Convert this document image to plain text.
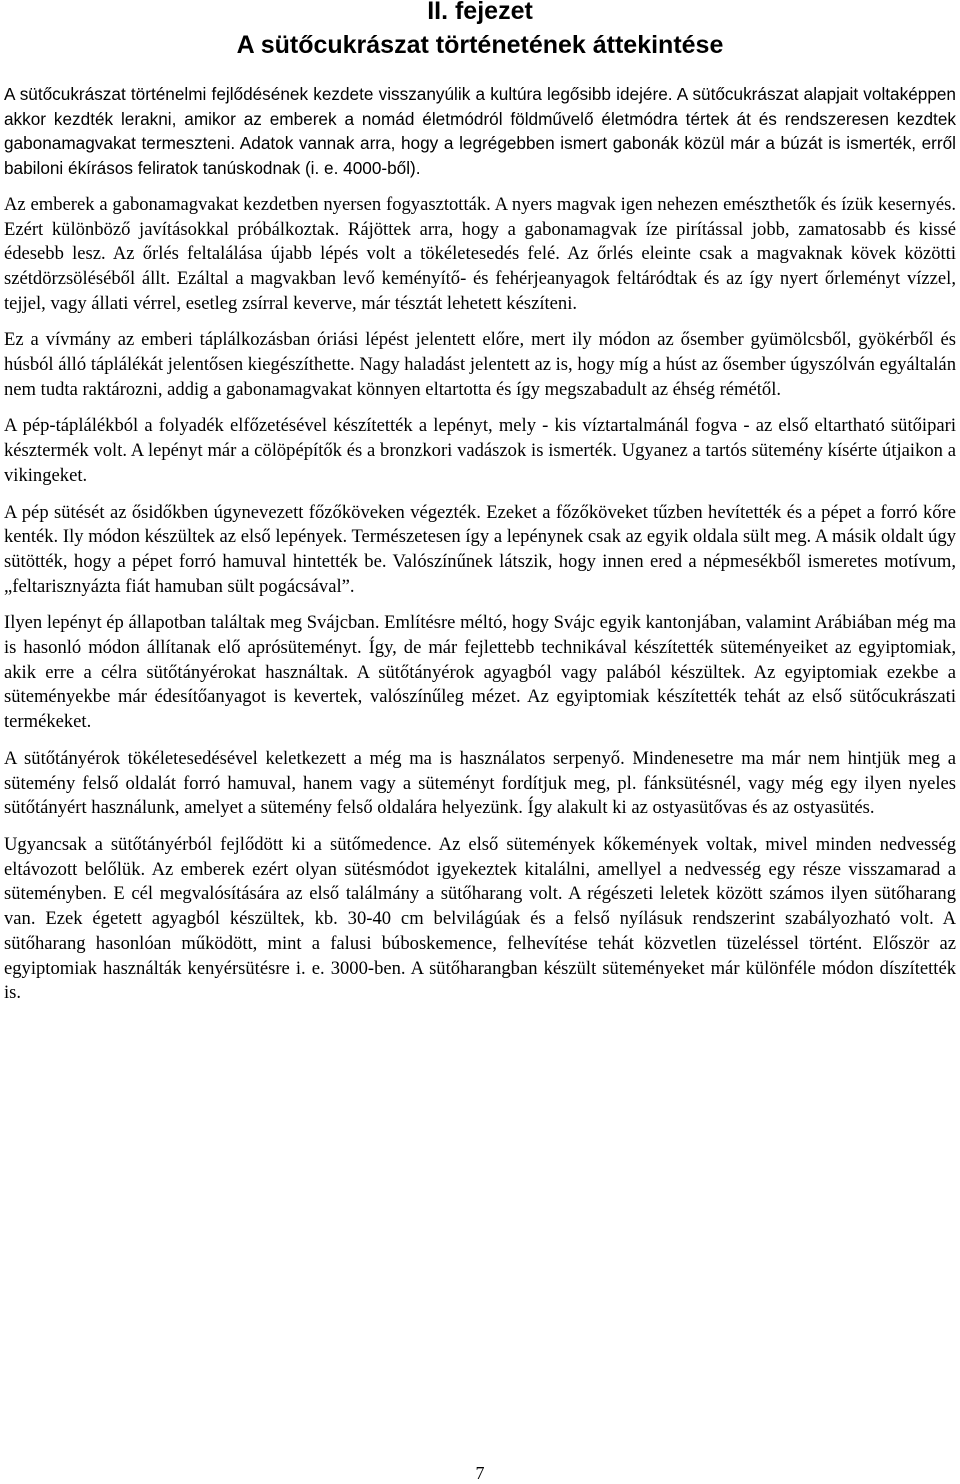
II. fejezet
A sütőcukrászat történetének áttekintése

A sütőcukrászat történelmi fejlődésének kezdete visszanyúlik a kultúra legősibb idejére. A sütőcukrászat alapjait voltaképpen akkor kezdték lerakni, amikor az emberek a nomád életmódról földművelő életmódra tértek át és rendszeresen kezdtek gabonamagvakat termeszteni. Adatok vannak arra, hogy a legrégebben ismert gabonák közül már a búzát is ismerték, erről babiloni ékírásos feliratok tanúskodnak (i. e. 4000-ből).

Az emberek a gabonamagvakat kezdetben nyersen fogyasztották. A nyers magvak igen nehezen emészthetők és ízük kesernyés. Ezért különböző javításokkal próbálkoztak. Rájöttek arra, hogy a gabonamagvak íze pirítással jobb, zamatosabb és kissé édesebb lesz. Az őrlés feltalálása újabb lépés volt a tökéletesedés felé. Az őrlés eleinte csak a magvaknak kövek közötti szétdörzsöléséből állt. Ezáltal a magvakban levő keményítő- és fehérjeanyagok feltáródtak és az így nyert őrleményt vízzel, tejjel, vagy állati vérrel, esetleg zsírral keverve, már tésztát lehetett készíteni.

Ez a vívmány az emberi táplálkozásban óriási lépést jelentett előre, mert ily módon az ősember gyümölcsből, gyökérből és húsból álló táplálékát jelentősen kiegészíthette. Nagy haladást jelentett az is, hogy míg a húst az ősember úgyszólván egyáltalán nem tudta raktározni, addig a gabonamagvakat könnyen eltartotta és így megszabadult az éhség rémétől.

A pép-táplálékból a folyadék elfőzetésével készítették a lepényt, mely - kis víztartalmánál fogva - az első eltartható sütőipari késztermék volt. A lepényt már a cölöpépítők és a bronzkori vadászok is ismerték. Ugyanez a tartós sütemény kísérte útjaikon a vikingeket.

A pép sütését az ősidőkben úgynevezett főzőköveken végezték. Ezeket a főzőköveket tűzben hevítették és a pépet a forró kőre kenték. Ily módon készültek az első lepények. Természetesen így a lepénynek csak az egyik oldala sült meg. A másik oldalt úgy sütötték, hogy a pépet forró hamuval hintették be. Valószínűnek látszik, hogy innen ered a népmesékből ismeretes motívum, „feltarisznyázta fiát hamuban sült pogácsával”.

Ilyen lepényt ép állapotban találtak meg Svájcban. Említésre méltó, hogy Svájc egyik kantonjában, valamint Arábiában még ma is hasonló módon állítanak elő aprósüteményt. Így, de már fejlettebb technikával készítették süteményeiket az egyiptomiak, akik erre a célra sütőtányérokat használtak. A sütőtányérok agyagból vagy palából készültek. Az egyiptomiak ezekbe a süteményekbe már édesítőanyagot is kevertek, valószínűleg mézet. Az egyiptomiak készítették tehát az első sütőcukrászati termékeket.

A sütőtányérok tökéletesedésével keletkezett a még ma is használatos serpenyő. Mindenesetre ma már nem hintjük meg a sütemény felső oldalát forró hamuval, hanem vagy a süteményt fordítjuk meg, pl. fánksütésnél, vagy még egy ilyen nyeles sütőtányért használunk, amelyet a sütemény felső oldalára helyezünk. Így alakult ki az ostyasütővas és az ostyasütés.

Ugyancsak a sütőtányérból fejlődött ki a sütőmedence. Az első sütemények kőkemények voltak, mivel minden nedvesség eltávozott belőlük. Az emberek ezért olyan sütésmódot igyekeztek kitalálni, amellyel a nedvesség egy része visszamarad a süteményben. E cél megvalósítására az első találmány a sütőharang volt. A régészeti leletek között számos ilyen sütőharang van. Ezek égetett agyagból készültek, kb. 30-40 cm belvilágúak és a felső nyílásuk rendszerint szabályozható volt. A sütőharang hasonlóan működött, mint a falusi búboskemence, felhevítése tehát közvetlen tüzeléssel történt. Először az egyiptomiak használták kenyérsütésre i. e. 3000-ben. A sütőharangban készült süteményeket már különféle módon díszítették is.

7
